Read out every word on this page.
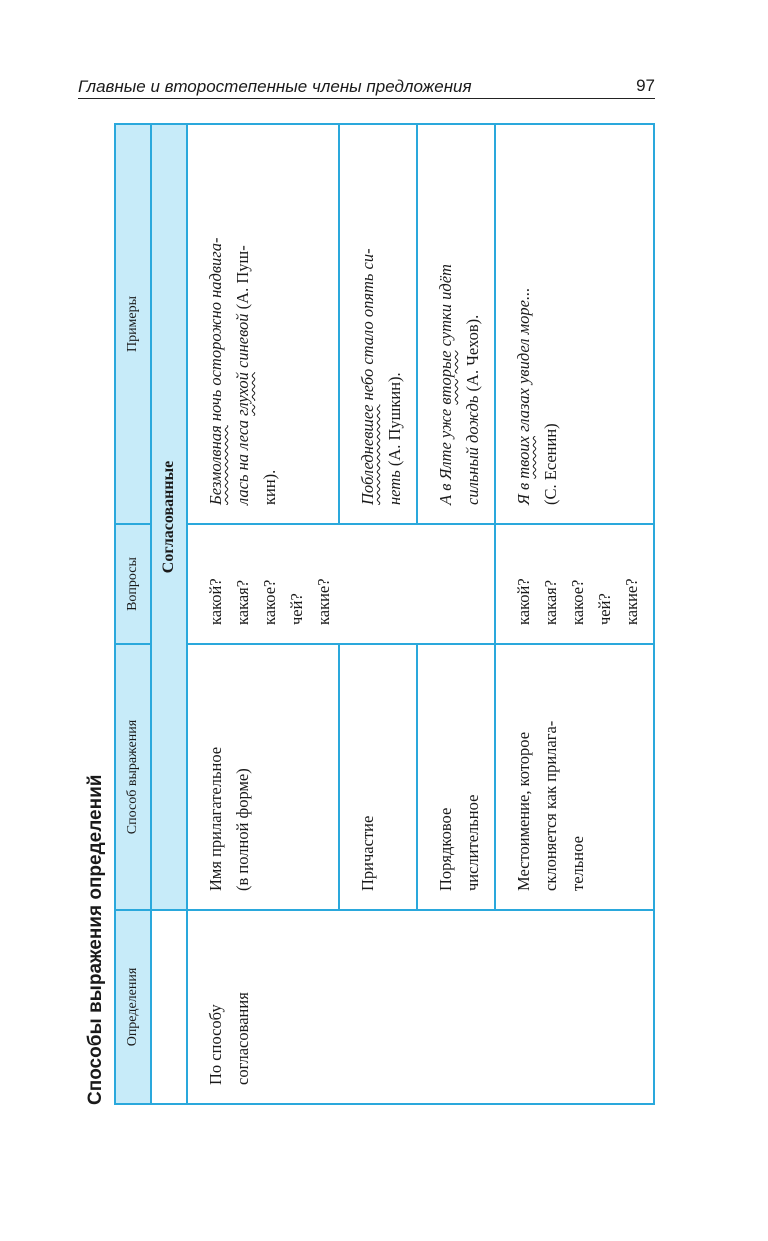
Главные и второстепенные члены предложения	97
Способы выражения определений	Определения	Способ выражения	Вопросы	Примеры
	Согласованные		

По способу согласования	Имя прилагательное (в полной форме)	какой? какая? какое? чей? какие?	Безмолвная ночь осторожно надвига-
лась на леса глухой синевой (А. Пуш-
кин).

	Причастие		Побледневшее небо стало опять си-
неть (А. Пушкин).

	Порядковое числительное		А в Ялте уже вторые сутки идёт
сильный дождь (А. Чехов).

	Местоимение, которое склоняется как прилага- тельное	какой? какая? какое? чей? какие?	Я в твоих глазах увидел море...
(С. Есенин)
